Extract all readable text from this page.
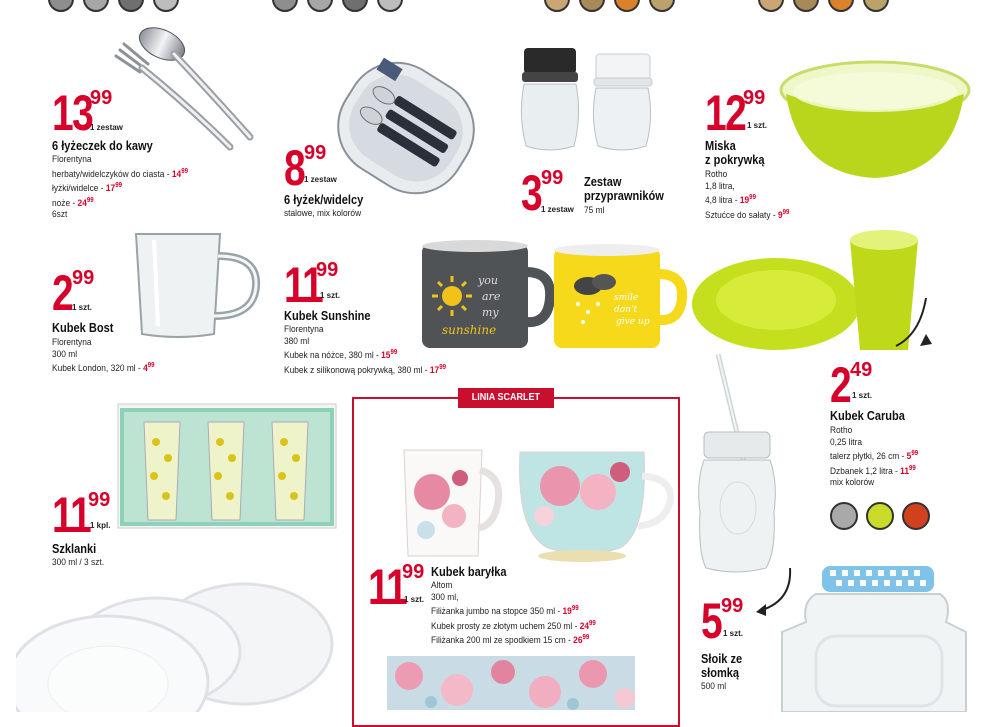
13
99
1 zestaw
6 łyżeczek do kawy
Florentyna
herbaty/widelczyków do ciasta - $14^{99}$
łyżki/widelce - $17^{99}$
noże - $24^{99}$
6szt
8 99
1 zestaw
6 łyżek/widelcy
stalowe, mix kolorów	3 99
1 zestaw
Zestaw
przyprawników
75 ml
12
99
1 szt.
Miska
z pokrywką
Rotho
1,8 litra,
4,8 litra - $19^{99}$
Sztućce do sałaty - $9^{99}$
2 99
1 szt.
Kubek Bost
Florentyna
300 ml
Kubek London, 320 ml - $4^{99}$
you
are
my
sunshine
smile
don't
give up
11
99
1 szt.
Kubek Sunshine
Florentyna
380 ml
Kubek na nóżce, 380 ml - $15^{99}$
Kubek z silikonową pokrywką, 380 ml - $17^{99}$	2 49
1 szt.
Kubek Caruba
Rotho
0,25 litra
talerz płytki, 26 cm - $5^{99}$
Dzbanek 1,2 litra - $11^{99}$
mix kolorów
11
99
1 kpl.
Szklanki
300 ml / 3 szt.
LINIA SCARLET
11
99
1 szt.
Kubek baryłka
Altom
300 ml,
Filiżanka jumbo na stopce 350 ml - $19^{99}$
Kubek prosty ze złotym uchem 250 ml - $24^{99}$
Filiżanka 200 ml ze spodkiem 15 cm - $26^{99}$ 5 99
1 szt.
Słoik ze
słomką
500 ml
